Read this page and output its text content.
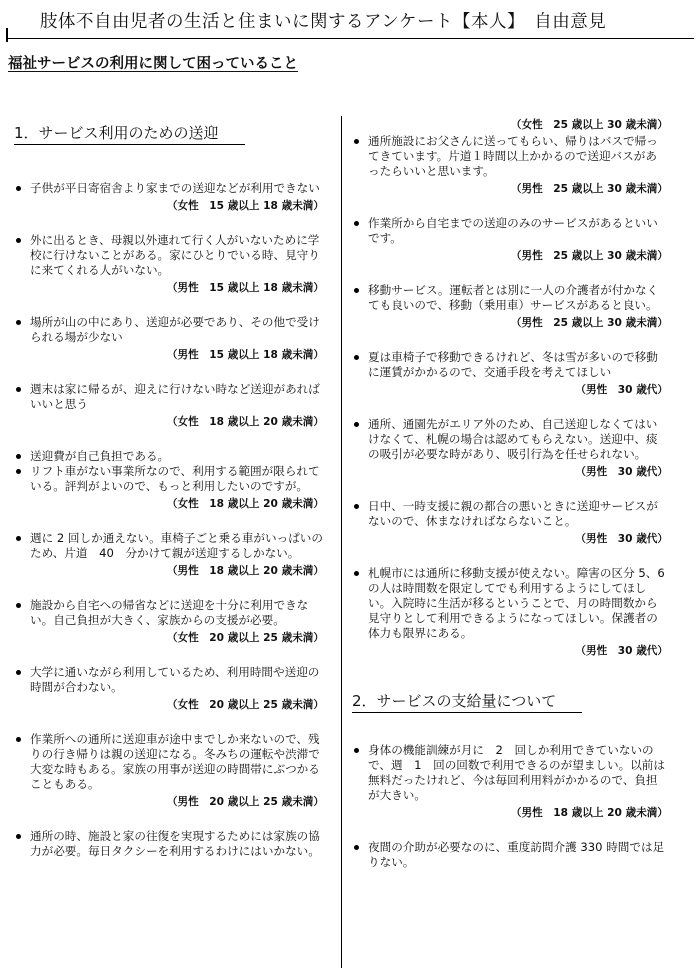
肢体不自由児者の生活と住まいに関するアンケート【本人】　自由意見
福祉サービスの利用に関して困っていること
1．サービス利用のための送迎
子供が平日寄宿舎より家までの送迎などが利用できない
（女性　15 歳以上 18 歳未満）
外に出るとき、母親以外連れて行く人がいないために学校に行けないことがある。家にひとりでいる時、見守りに来てくれる人がいない。
（男性　15 歳以上 18 歳未満）
場所が山の中にあり、送迎が必要であり、その他で受けられる場が少ない
（男性　15 歳以上 18 歳未満）
週末は家に帰るが、迎えに行けない時など送迎があればいいと思う
（女性　18 歳以上 20 歳未満）
送迎費が自己負担である。
リフト車がない事業所なので、利用する範囲が限られている。評判がよいので、もっと利用したいのですが。
（女性　18 歳以上 20 歳未満）
週に 2 回しか通えない。車椅子ごと乗る車がいっぱいのため、片道　40　分かけて親が送迎するしかない。
（男性　18 歳以上 20 歳未満）
施設から自宅への帰省などに送迎を十分に利用できない。自己負担が大きく、家族からの支援が必要。
（女性　20 歳以上 25 歳未満）
大学に通いながら利用しているため、利用時間や送迎の時間が合わない。
（女性　20 歳以上 25 歳未満）
作業所への通所に送迎車が途中までしか来ないので、残りの行き帰りは親の送迎になる。冬みちの運転や渋滞で大変な時もある。家族の用事が送迎の時間帯にぶつかることもある。
（男性　20 歳以上 25 歳未満）
通所の時、施設と家の往復を実現するためには家族の協力が必要。毎日タクシーを利用するわけにはいかない。
（女性　25 歳以上 30 歳未満）
通所施設にお父さんに送ってもらい、帰りはバスで帰ってきています。片道１時間以上かかるので送迎バスがあったらいいと思います。
（男性　25 歳以上 30 歳未満）
作業所から自宅までの送迎のみのサービスがあるといいです。
（男性　25 歳以上 30 歳未満）
移動サービス。運転者とは別に一人の介護者が付かなくても良いので、移動（乗用車）サービスがあると良い。
（男性　25 歳以上 30 歳未満）
夏は車椅子で移動できるけれど、冬は雪が多いので移動に運賃がかかるので、交通手段を考えてほしい
（男性　30 歳代）
通所、通園先がエリア外のため、自己送迎しなくてはいけなくて、札幌の場合は認めてもらえない。送迎中、痰の吸引が必要な時があり、吸引行為を任せられない。
（男性　30 歳代）
日中、一時支援に親の都合の悪いときに送迎サービスがないので、休まなければならないこと。
（男性　30 歳代）
札幌市には通所に移動支援が使えない。障害の区分 5、6 の人は時間数を限定してでも利用するようにしてほしい。入院時に生活が移るということで、月の時間数から見守りとして利用できるようになってほしい。保護者の体力も限界にある。
（男性　30 歳代）
2．サービスの支給量について
身体の機能訓練が月に　2　回しか利用できていないので、週　1　回の回数で利用できるのが望ましい。以前は無料だったけれど、今は毎回利用料がかかるので、負担が大きい。
（男性　18 歳以上 20 歳未満）
夜間の介助が必要なのに、重度訪問介護 330 時間では足りない。
